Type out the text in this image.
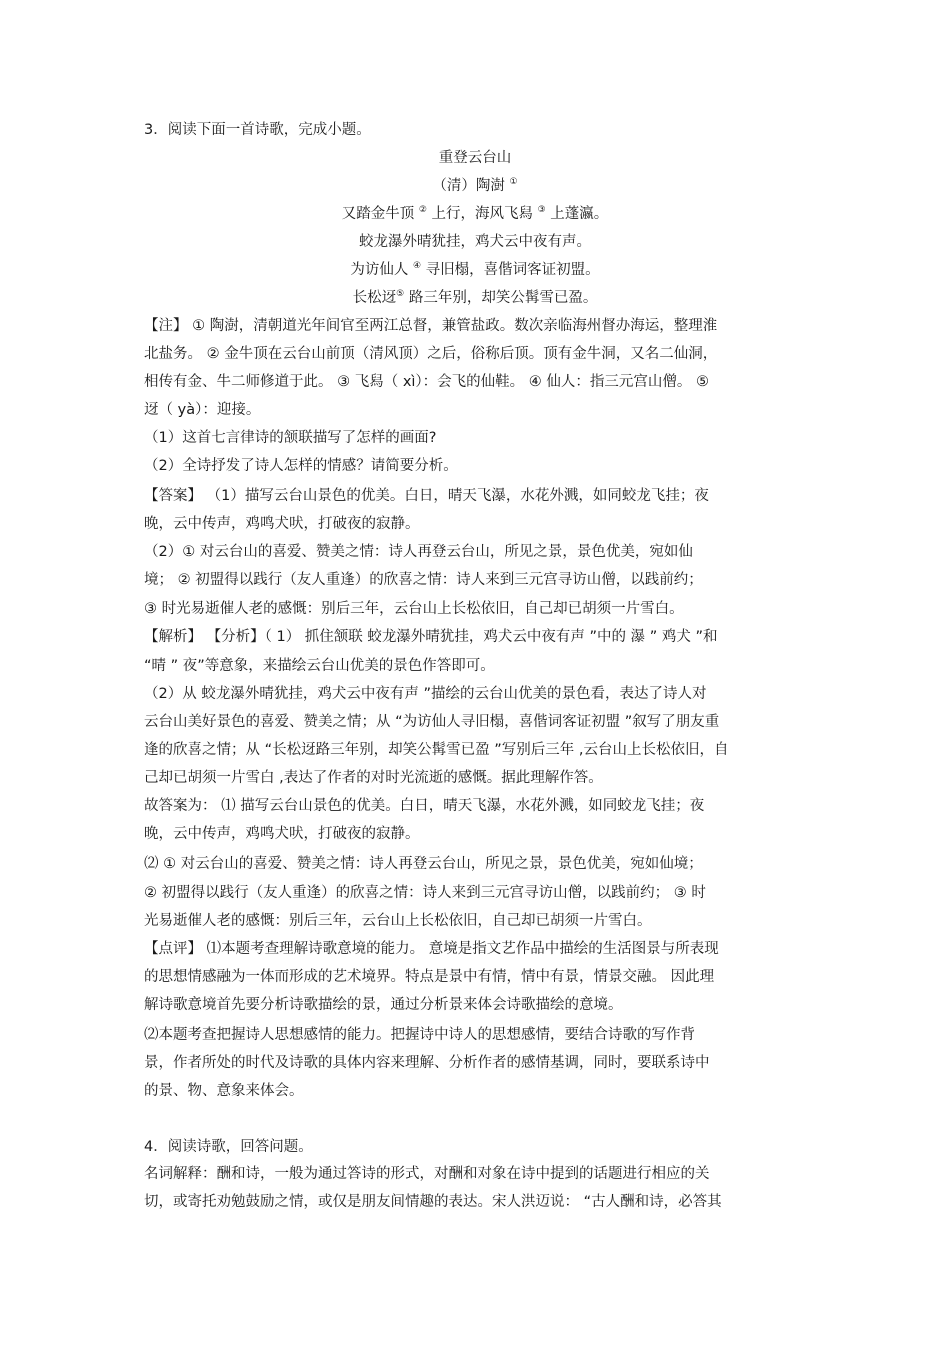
3．阅读下面一首诗歌，完成小题。
重登云台山
（清）陶澍 ①
又踏金牛顶 ② 上行，海风飞舄 ③ 上蓬瀛。
蛟龙瀑外晴犹挂，鸡犬云中夜有声。
为访仙人 ④ 寻旧榻，喜偕词客证初盟。
长松迓⑤ 路三年别，却笑公髯雪已盈。
【注】 ① 陶澍，清朝道光年间官至两江总督，兼管盐政。数次亲临海州督办海运，整理淮
北盐务。 ② 金牛顶在云台山前顶（清风顶）之后，俗称后顶。顶有金牛洞，又名二仙洞，
相传有金、牛二师修道于此。 ③ 飞舄（ xì）：会飞的仙鞋。 ④ 仙人：指三元宫山僧。 ⑤
迓（ yà）：迎接。
（1）这首七言律诗的颔联描写了怎样的画面?
（2）全诗抒发了诗人怎样的情感？请简要分析。
【答案】 （1）描写云台山景色的优美。白日，晴天飞瀑，水花外溅，如同蛟龙飞挂；夜
晚，云中传声，鸡鸣犬吠，打破夜的寂静。
（2）① 对云台山的喜爱、赞美之情：诗人再登云台山，所见之景，景色优美，宛如仙
境； ② 初盟得以践行（友人重逢）的欣喜之情：诗人来到三元宫寻访山僧，以践前约；
③ 时光易逝催人老的感慨：别后三年，云台山上长松依旧，自己却已胡须一片雪白。
【解析】 【分析】（ 1） 抓住颔联 蛟龙瀑外晴犹挂，鸡犬云中夜有声 ”中的 瀑 ” 鸡犬 ”和
“晴 ” 夜”等意象，来描绘云台山优美的景色作答即可。
（2）从 蛟龙瀑外晴犹挂，鸡犬云中夜有声 ”描绘的云台山优美的景色看，表达了诗人对
云台山美好景色的喜爱、赞美之情；从 “为访仙人寻旧榻，喜偕词客证初盟 ”叙写了朋友重
逢的欣喜之情；从 “长松迓路三年别，却笑公髯雪已盈 ”写别后三年 ,云台山上长松依旧，自
己却已胡须一片雪白 ,表达了作者的对时光流逝的感慨。据此理解作答。
故答案为： ⑴ 描写云台山景色的优美。白日，晴天飞瀑，水花外溅，如同蛟龙飞挂；夜
晚，云中传声，鸡鸣犬吠，打破夜的寂静。
⑵ ① 对云台山的喜爱、赞美之情：诗人再登云台山，所见之景，景色优美，宛如仙境；
② 初盟得以践行（友人重逢）的欣喜之情：诗人来到三元宫寻访山僧，以践前约； ③ 时
光易逝催人老的感慨：别后三年，云台山上长松依旧，自己却已胡须一片雪白。
【点评】 ⑴本题考查理解诗歌意境的能力。 意境是指文艺作品中描绘的生活图景与所表现
的思想情感融为一体而形成的艺术境界。特点是景中有情，情中有景，情景交融。 因此理
解诗歌意境首先要分析诗歌描绘的景，通过分析景来体会诗歌描绘的意境。
⑵本题考查把握诗人思想感情的能力。把握诗中诗人的思想感情，要结合诗歌的写作背
景，作者所处的时代及诗歌的具体内容来理解、分析作者的感情基调，同时，要联系诗中
的景、物、意象来体会。
4．阅读诗歌，回答问题。
名词解释：酬和诗，一般为通过答诗的形式，对酬和对象在诗中提到的话题进行相应的关
切，或寄托劝勉鼓励之情，或仅是朋友间情趣的表达。宋人洪迈说： “古人酬和诗，必答其
